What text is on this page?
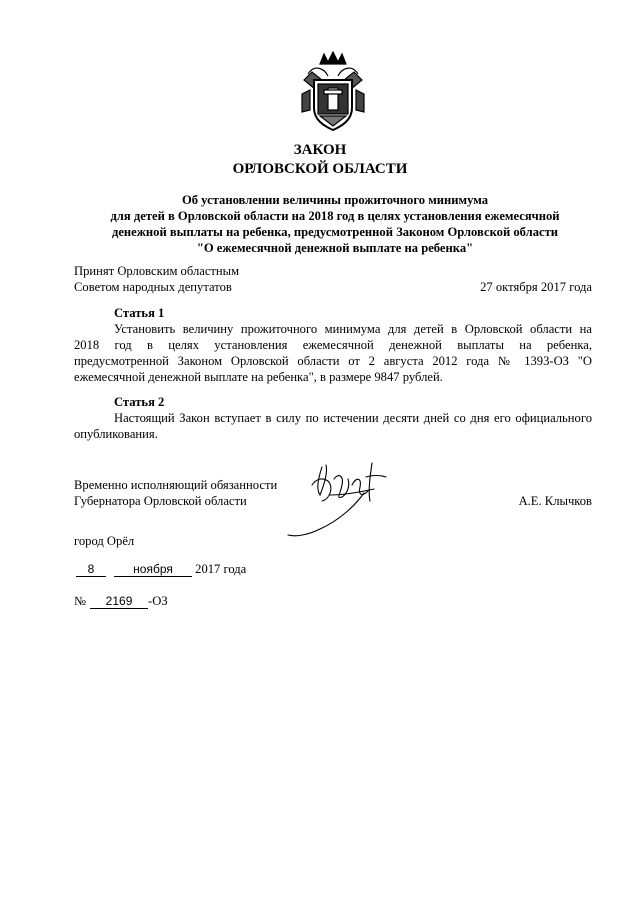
ЗАКОН
ОРЛОВСКОЙ ОБЛАСТИ
Об установлении величины прожиточного минимума
для детей в Орловской области на 2018 год в целях установления ежемесячной
денежной выплаты на ребенка, предусмотренной Законом Орловской области
"О ежемесячной денежной выплате на ребенка"
Принят Орловским областным
Советом народных депутатов	27 октября 2017 года
Статья 1
Установить величину прожиточного минимума для детей в Орловской области на
2018 год в целях установления ежемесячной денежной выплаты на ребенка,
предусмотренной Законом Орловской области от 2 августа 2012 года № 1393-ОЗ "О
ежемесячной денежной выплате на ребенка", в размере 9847 рублей.
Статья 2
Настоящий Закон вступает в силу по истечении десяти дней со дня его официального
опубликования.
Временно исполняющий обязанности
Губернатора Орловской области	А.Е. Клычков
город Орёл
8	ноября 2017 года
№ 2169 -ОЗ
